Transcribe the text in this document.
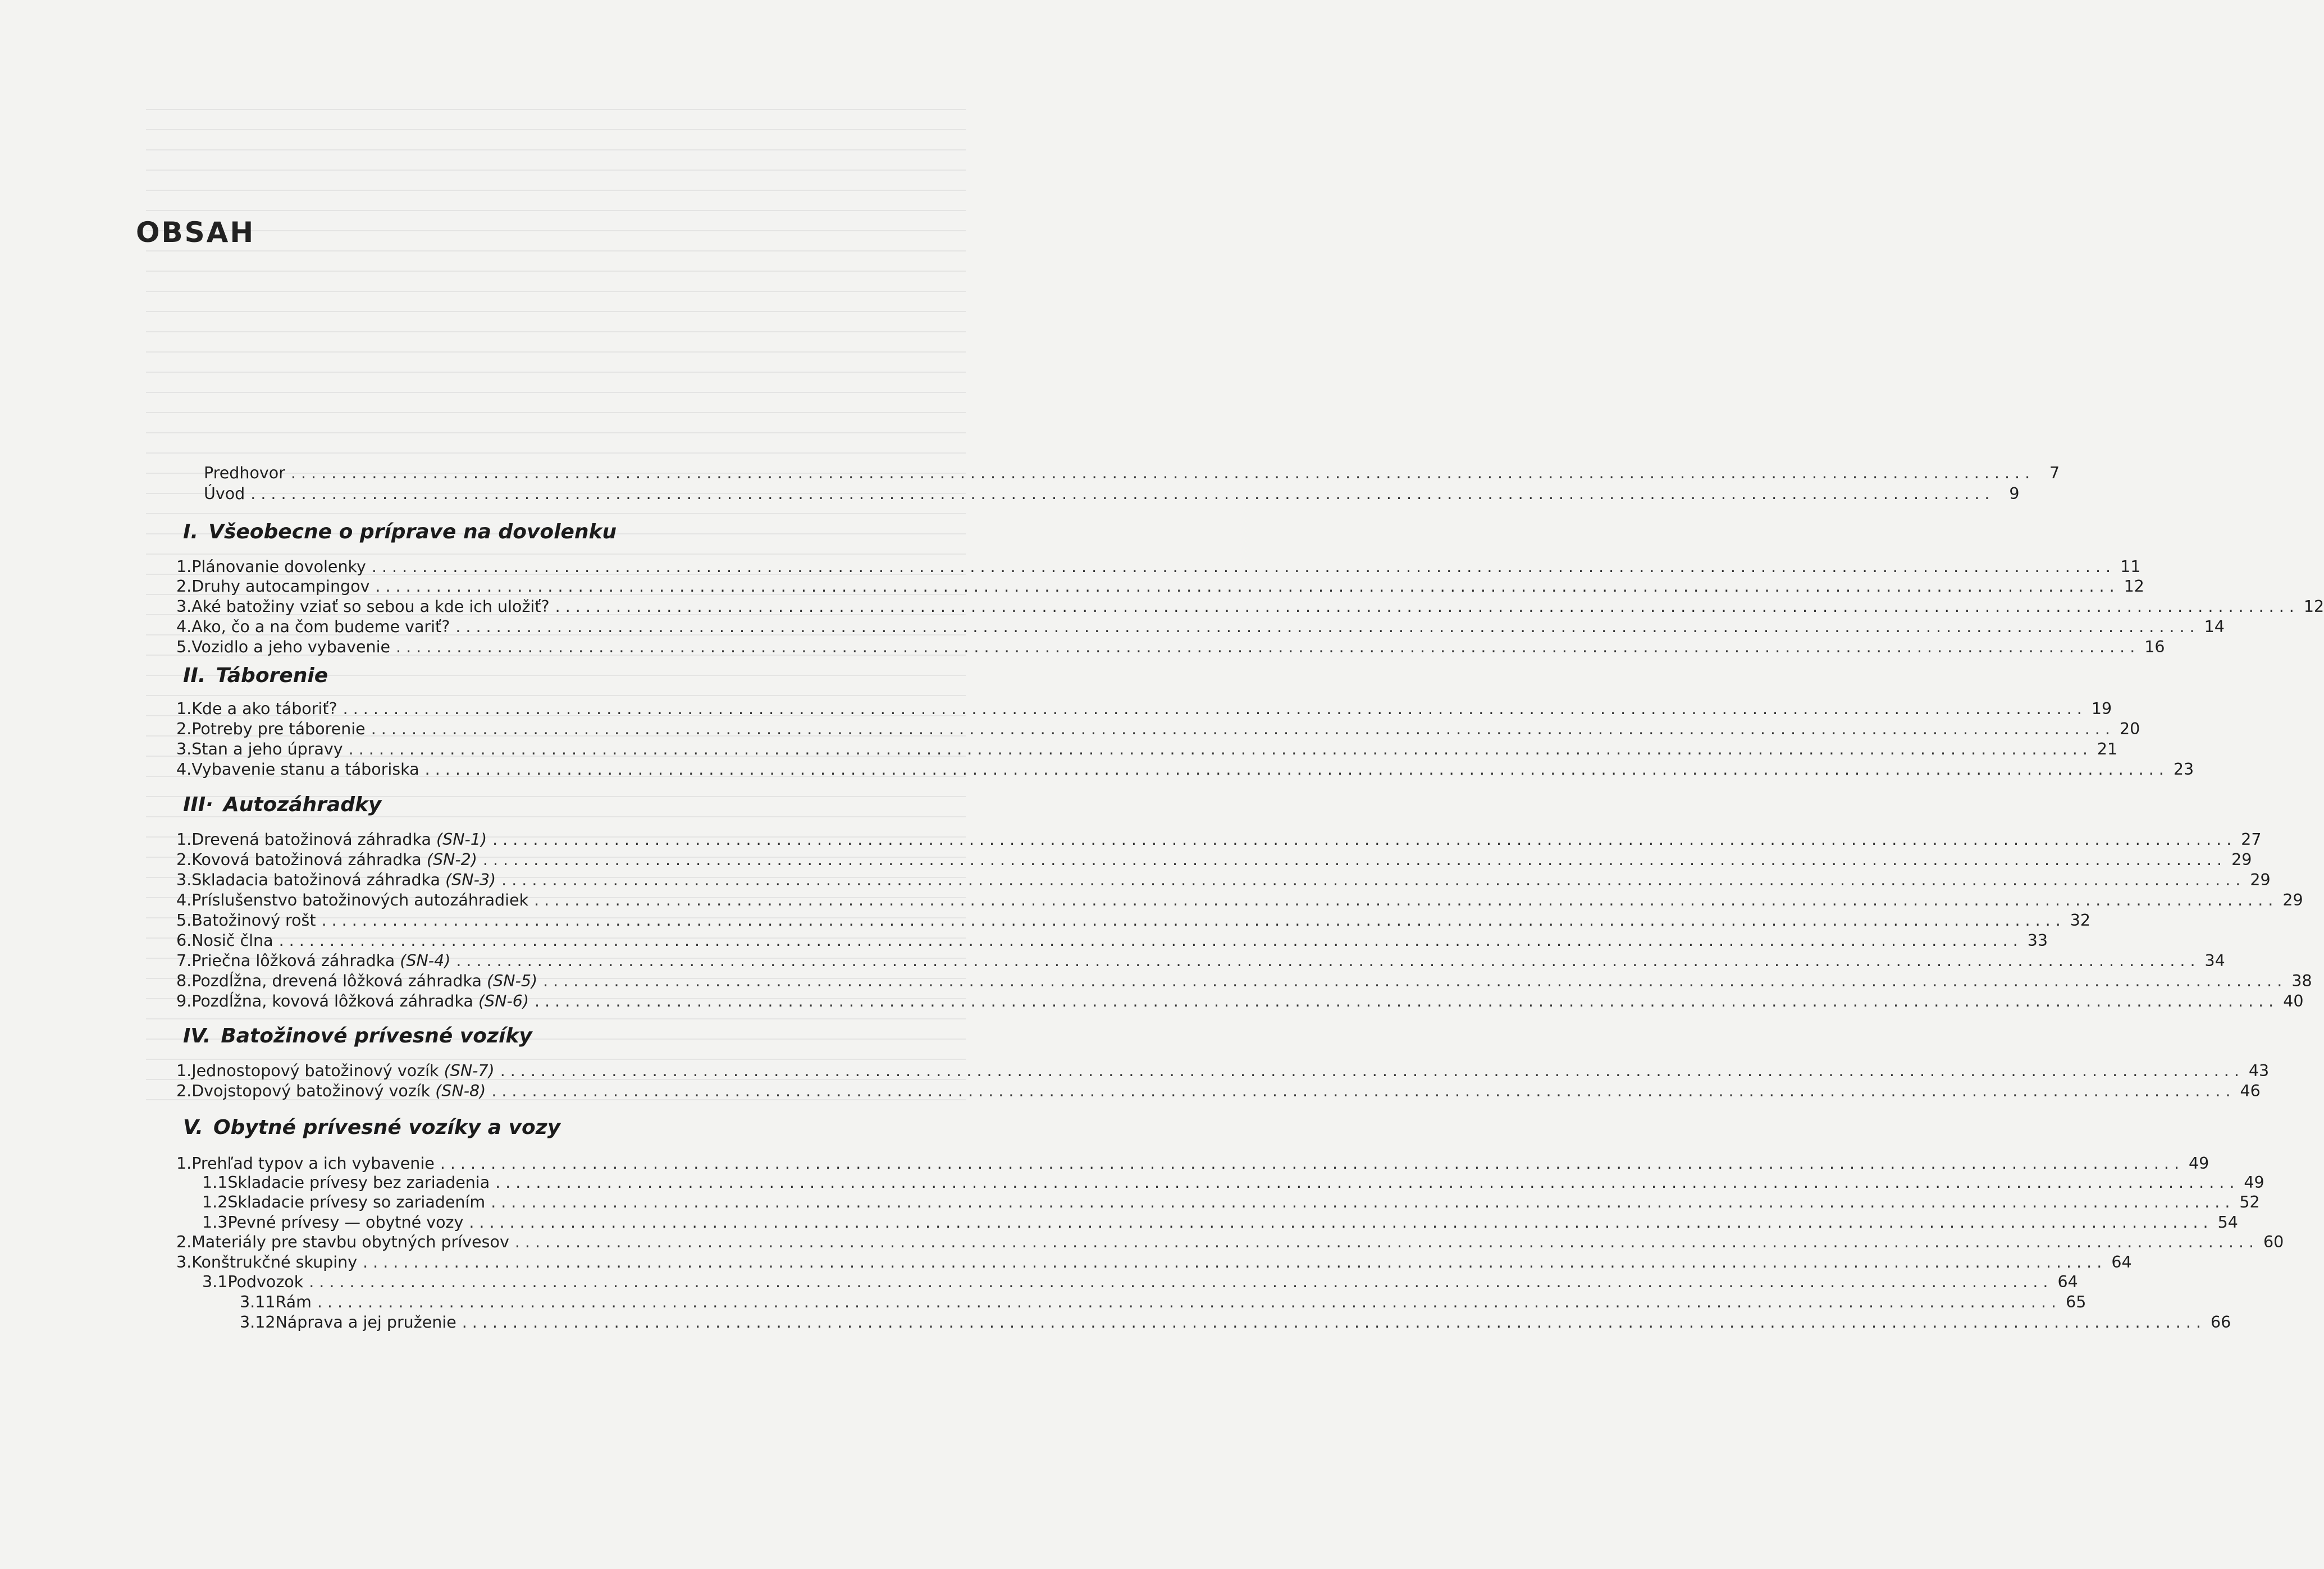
OBSAH
Predhovor ............................................................................................................................................................................ 7
Úvod ............................................................................................................................................................................ 9
I. Všeobecne o príprave na dovolenku
1. Plánovanie dovolenky ............................................................................................................................................................................ 11
2. Druhy autocampingov ............................................................................................................................................................................ 12
3. Aké batožiny vziať so sebou a kde ich uložiť? ............................................................................................................................................................................ 12
4. Ako, čo a na čom budeme variť? ............................................................................................................................................................................ 14
5. Vozidlo a jeho vybavenie ............................................................................................................................................................................ 16
II. Táborenie
1. Kde a ako táboriť? ............................................................................................................................................................................ 19
2. Potreby pre táborenie ............................................................................................................................................................................ 20
3. Stan a jeho úpravy ............................................................................................................................................................................ 21
4. Vybavenie stanu a táboriska ............................................................................................................................................................................ 23
III· Autozáhradky
1. Drevená batožinová záhradka
(SN-1) ............................................................................................................................................................................ 27
2. Kovová batožinová záhradka
(SN-2) ............................................................................................................................................................................ 29
3. Skladacia batožinová záhradka
(SN-3) ............................................................................................................................................................................ 29
4. Príslušenstvo batožinových autozáhradiek ............................................................................................................................................................................ 29
5. Batožinový rošt ............................................................................................................................................................................ 32
6. Nosič člna ............................................................................................................................................................................ 33
7. Priečna lôžková záhradka
(SN-4) ............................................................................................................................................................................ 34
8. Pozdĺžna, drevená lôžková záhradka
(SN-5) ............................................................................................................................................................................ 38
9. Pozdĺžna, kovová lôžková záhradka
(SN-6) ............................................................................................................................................................................ 40
IV. Batožinové prívesné vozíky
1. Jednostopový batožinový vozík
(SN-7) ............................................................................................................................................................................ 43
2. Dvojstopový batožinový vozík
(SN-8) ............................................................................................................................................................................ 46
V. Obytné prívesné vozíky a vozy
1. Prehľad typov a ich vybavenie ............................................................................................................................................................................ 49
1.1 Skladacie prívesy bez zariadenia ............................................................................................................................................................................ 49
1.2 Skladacie prívesy so zariadením ............................................................................................................................................................................ 52
1.3 Pevné prívesy — obytné vozy ............................................................................................................................................................................ 54
2. Materiály pre stavbu obytných prívesov ............................................................................................................................................................................ 60
3. Konštrukčné skupiny ............................................................................................................................................................................ 64
3.1 Podvozok ............................................................................................................................................................................ 64
3.11 Rám ............................................................................................................................................................................ 65
3.12 Náprava a jej pruženie ............................................................................................................................................................................ 66
